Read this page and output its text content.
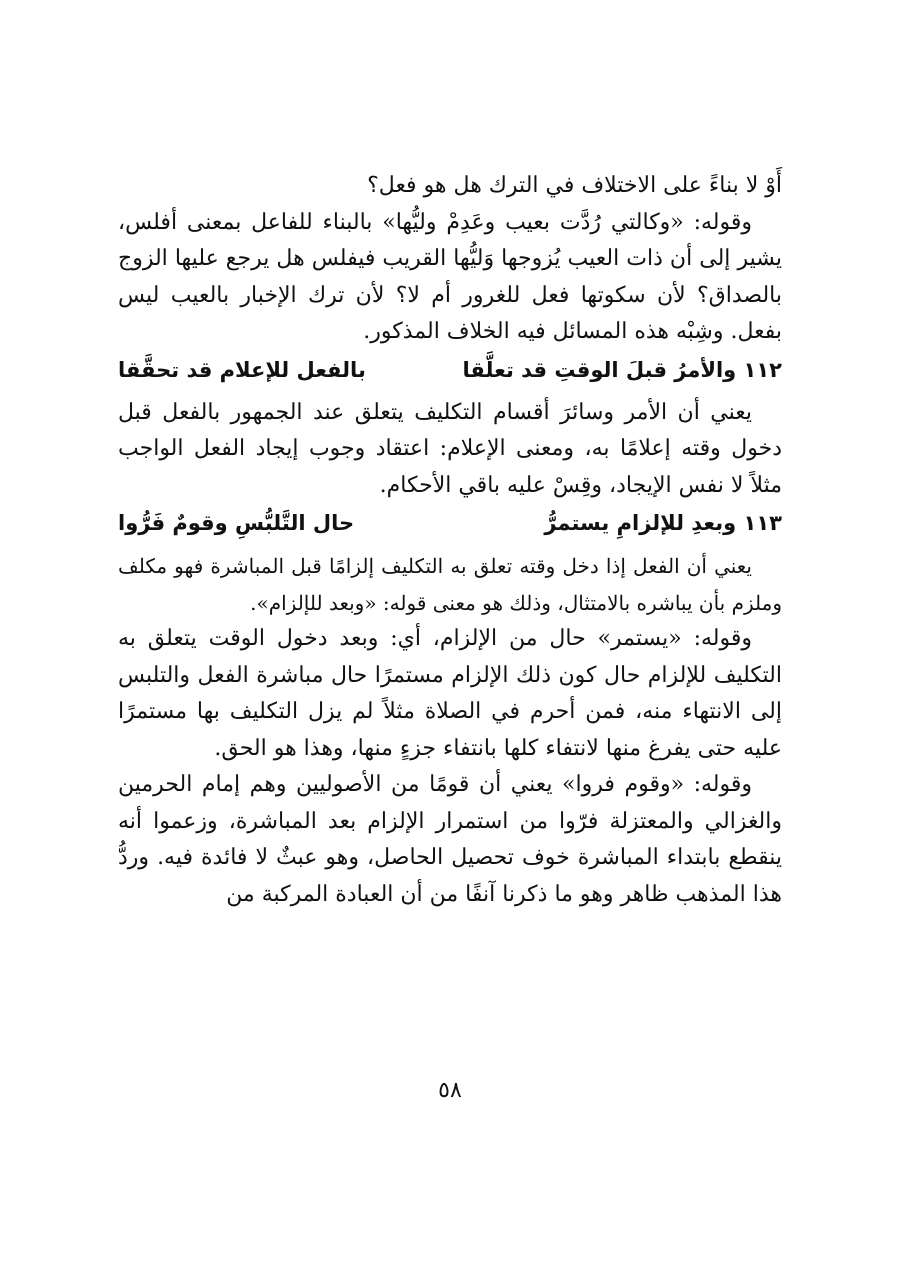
أَوْ لا بناءً على الاختلاف في الترك هل هو فعل؟

وقوله: «وكالتي رُدَّت بعيب وعَدِمْ وليُّها» بالبناء للفاعل بمعنى أفلس، يشير إلى أن ذات العيب يُزوجها وَليُّها القريب فيفلس هل يرجع عليها الزوج بالصداق؟ لأن سكوتها فعل للغرور أم لا؟ لأن ترك الإخبار بالعيب ليس بفعل. وشِبْه هذه المسائل فيه الخلاف المذكور.

١١٢ والأمرُ قبلَ الوقتِ قد تعلَّقا
بالفعل للإعلام قد تحقَّقا

يعني أن الأمر وسائرَ أقسام التكليف يتعلق عند الجمهور بالفعل قبل دخول وقته إعلامًا به، ومعنى الإعلام: اعتقاد وجوب إيجاد الفعل الواجب مثلاً لا نفس الإيجاد، وقِسْ عليه باقي الأحكام.

١١٣ وبعدِ للإلزامِ يستمرُّ
حال التَّلبُّسِ وقومٌ فَرُّوا

يعني أن الفعل إذا دخل وقته تعلق به التكليف إلزامًا قبل المباشرة فهو مكلف وملزم بأن يباشره بالامتثال، وذلك هو معنى قوله: «وبعد للإلزام».

وقوله: «يستمر» حال من الإلزام، أي: وبعد دخول الوقت يتعلق به التكليف للإلزام حال كون ذلك الإلزام مستمرًا حال مباشرة الفعل والتلبس إلى الانتهاء منه، فمن أحرم في الصلاة مثلاً لم يزل التكليف بها مستمرًا عليه حتى يفرغ منها لانتفاء كلها بانتفاء جزءٍ منها، وهذا هو الحق.

وقوله: «وقوم فروا» يعني أن قومًا من الأصوليين وهم إمام الحرمين والغزالي والمعتزلة فرّوا من استمرار الإلزام بعد المباشرة، وزعموا أنه ينقطع بابتداء المباشرة خوف تحصيل الحاصل، وهو عبثٌ لا فائدة فيه. وردُّ هذا المذهب ظاهر وهو ما ذكرنا آنفًا من أن العبادة المركبة من

٥٨
